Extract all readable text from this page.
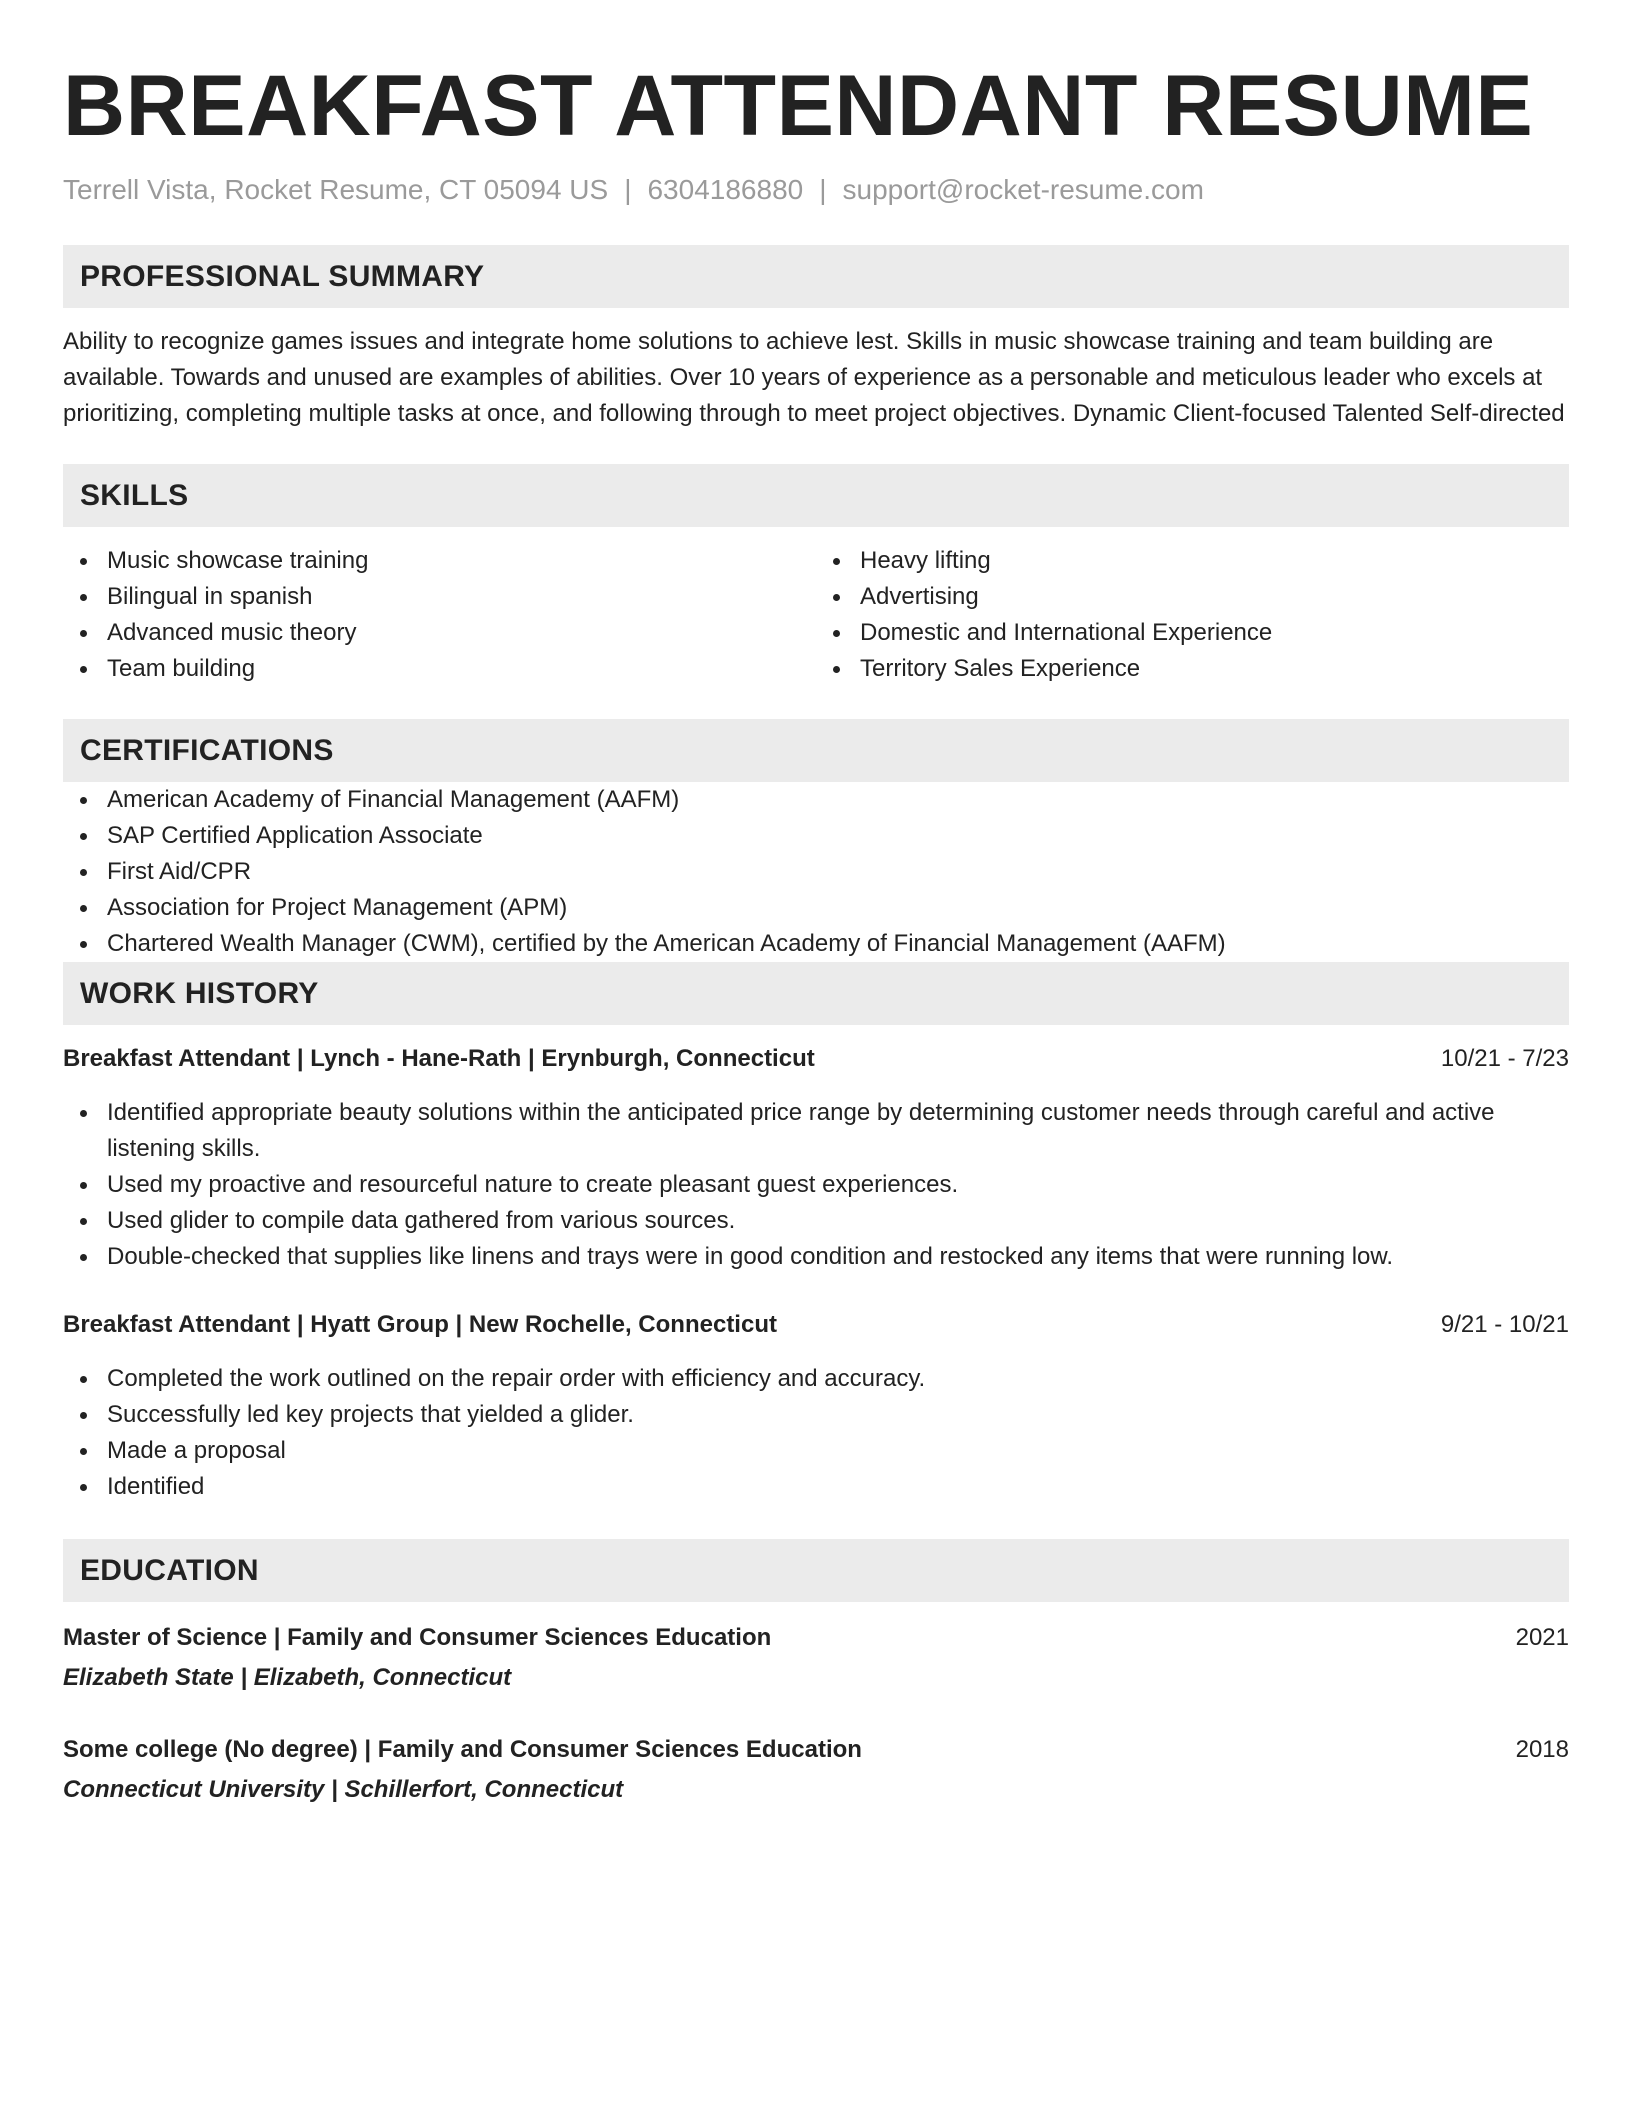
BREAKFAST ATTENDANT RESUME
Terrell Vista, Rocket Resume, CT 05094 US | 6304186880 | support@rocket-resume.com
PROFESSIONAL SUMMARY

Ability to recognize games issues and integrate home solutions to achieve lest. Skills in music showcase training and team building are available. Towards and unused are examples of abilities. Over 10 years of experience as a personable and meticulous leader who excels at prioritizing, completing multiple tasks at once, and following through to meet project objectives. Dynamic Client-focused Talented Self-directed

SKILLS
Music showcase training
Bilingual in spanish
Advanced music theory
Team building
Heavy lifting
Advertising
Domestic and International Experience
Territory Sales Experience
CERTIFICATIONS
American Academy of Financial Management (AAFM)
SAP Certified Application Associate
First Aid/CPR
Association for Project Management (APM)
Chartered Wealth Manager (CWM), certified by the American Academy of Financial Management (AAFM)
WORK HISTORY
Breakfast Attendant | Lynch - Hane-Rath | Erynburgh, Connecticut	10/21 - 7/23
Identified appropriate beauty solutions within the anticipated price range by determining customer needs through careful and active listening skills.
Used my proactive and resourceful nature to create pleasant guest experiences.
Used glider to compile data gathered from various sources.
Double-checked that supplies like linens and trays were in good condition and restocked any items that were running low.
Breakfast Attendant | Hyatt Group | New Rochelle, Connecticut	9/21 - 10/21
Completed the work outlined on the repair order with efficiency and accuracy.
Successfully led key projects that yielded a glider.
Made a proposal
Identified
EDUCATION
Master of Science | Family and Consumer Sciences Education	2021
Elizabeth State | Elizabeth, Connecticut
Some college (No degree) | Family and Consumer Sciences Education	2018
Connecticut University | Schillerfort, Connecticut
